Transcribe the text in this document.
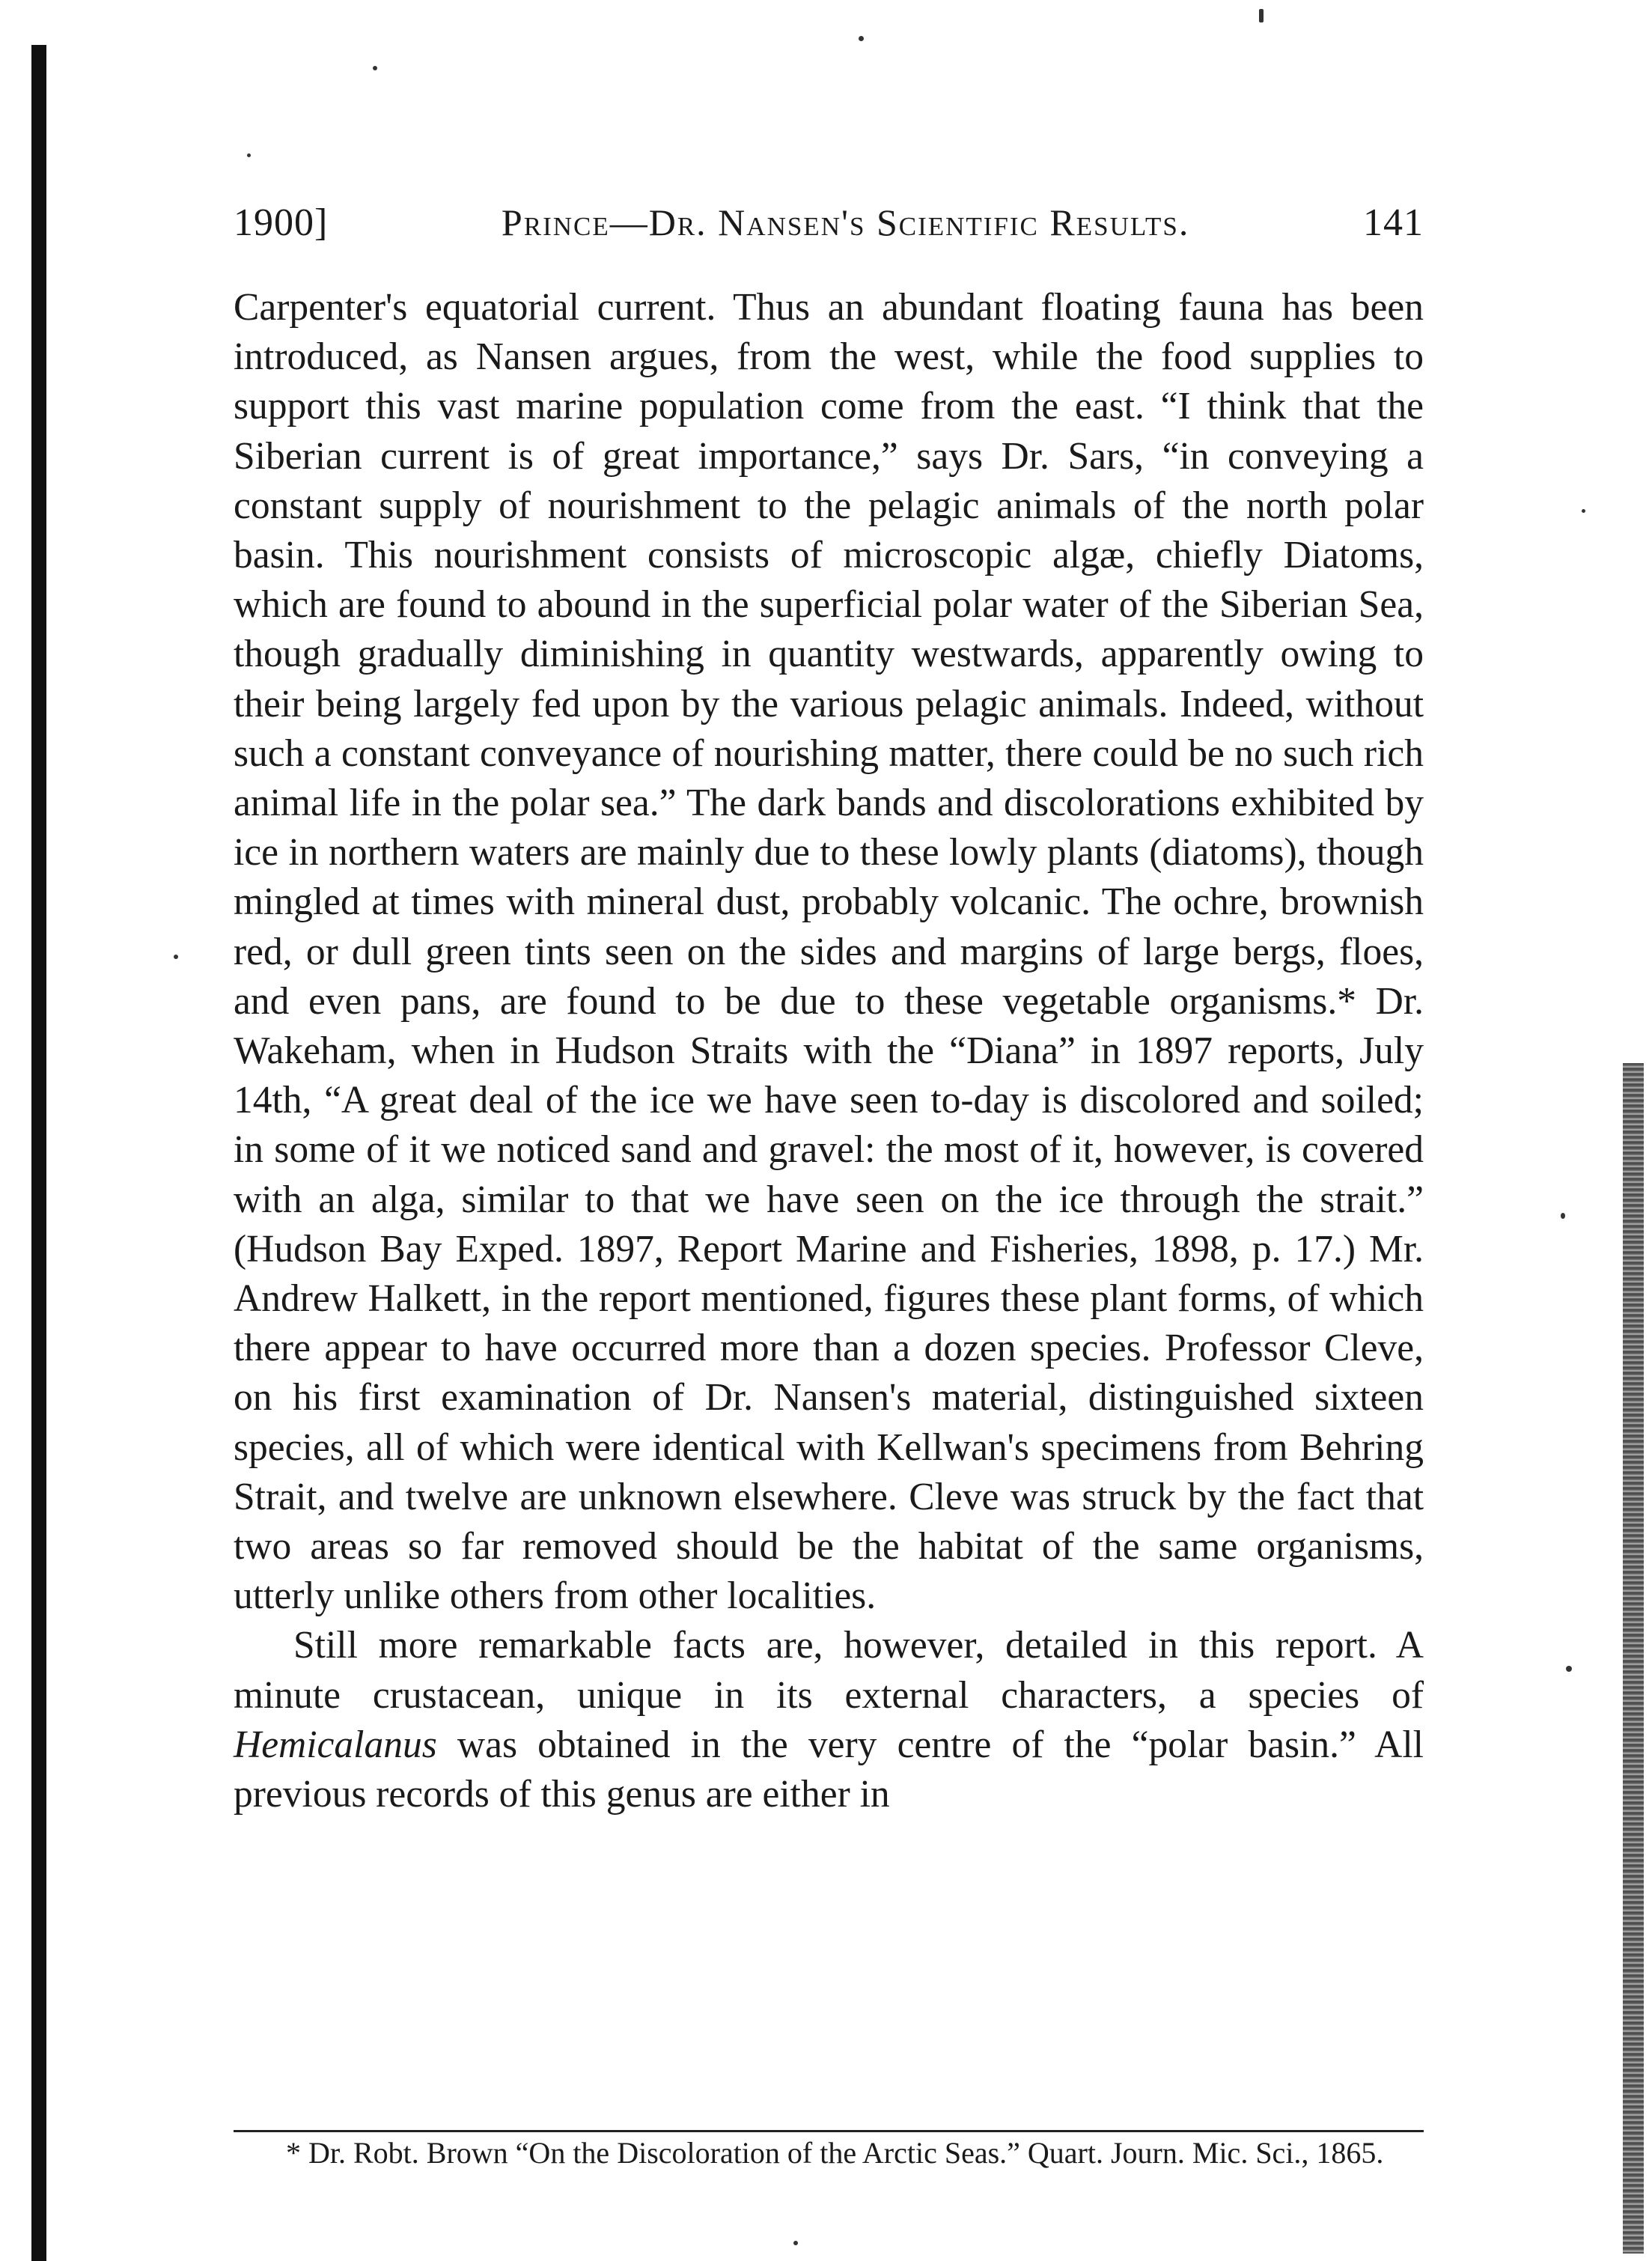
1900]	Prince—Dr. Nansen's Scientific Results.	141

Carpenter's equatorial current. Thus an abundant floating fauna has been introduced, as Nansen argues, from the west, while the food supplies to support this vast marine population come from the east. “I think that the Siberian current is of great importance,” says Dr. Sars, “in conveying a constant supply of nourishment to the pelagic animals of the north polar basin. This nourishment consists of microscopic algæ, chiefly Diatoms, which are found to abound in the superficial polar water of the Siberian Sea, though gradually diminishing in quantity westwards, apparently owing to their being largely fed upon by the various pelagic animals. Indeed, without such a constant conveyance of nourishing matter, there could be no such rich animal life in the polar sea.” The dark bands and discolorations exhibited by ice in northern waters are mainly due to these lowly plants (diatoms), though mingled at times with mineral dust, probably volcanic. The ochre, brownish red, or dull green tints seen on the sides and margins of large bergs, floes, and even pans, are found to be due to these vegetable organisms.* Dr. Wakeham, when in Hudson Straits with the “Diana” in 1897 reports, July 14th, “A great deal of the ice we have seen to-day is discolored and soiled; in some of it we noticed sand and gravel: the most of it, however, is covered with an alga, similar to that we have seen on the ice through the strait.” (Hudson Bay Exped. 1897, Report Marine and Fisheries, 1898, p. 17.) Mr. Andrew Halkett, in the report mentioned, figures these plant forms, of which there appear to have occurred more than a dozen species. Professor Cleve, on his first examination of Dr. Nansen's material, distinguished sixteen species, all of which were identical with Kellwan's specimens from Behring Strait, and twelve are unknown elsewhere. Cleve was struck by the fact that two areas so far removed should be the habitat of the same organisms, utterly unlike others from other localities.

Still more remarkable facts are, however, detailed in this report. A minute crustacean, unique in its external characters, a species of Hemicalanus was obtained in the very centre of the “polar basin.” All previous records of this genus are either in

* Dr. Robt. Brown “On the Discoloration of the Arctic Seas.” Quart. Journ. Mic. Sci., 1865.
